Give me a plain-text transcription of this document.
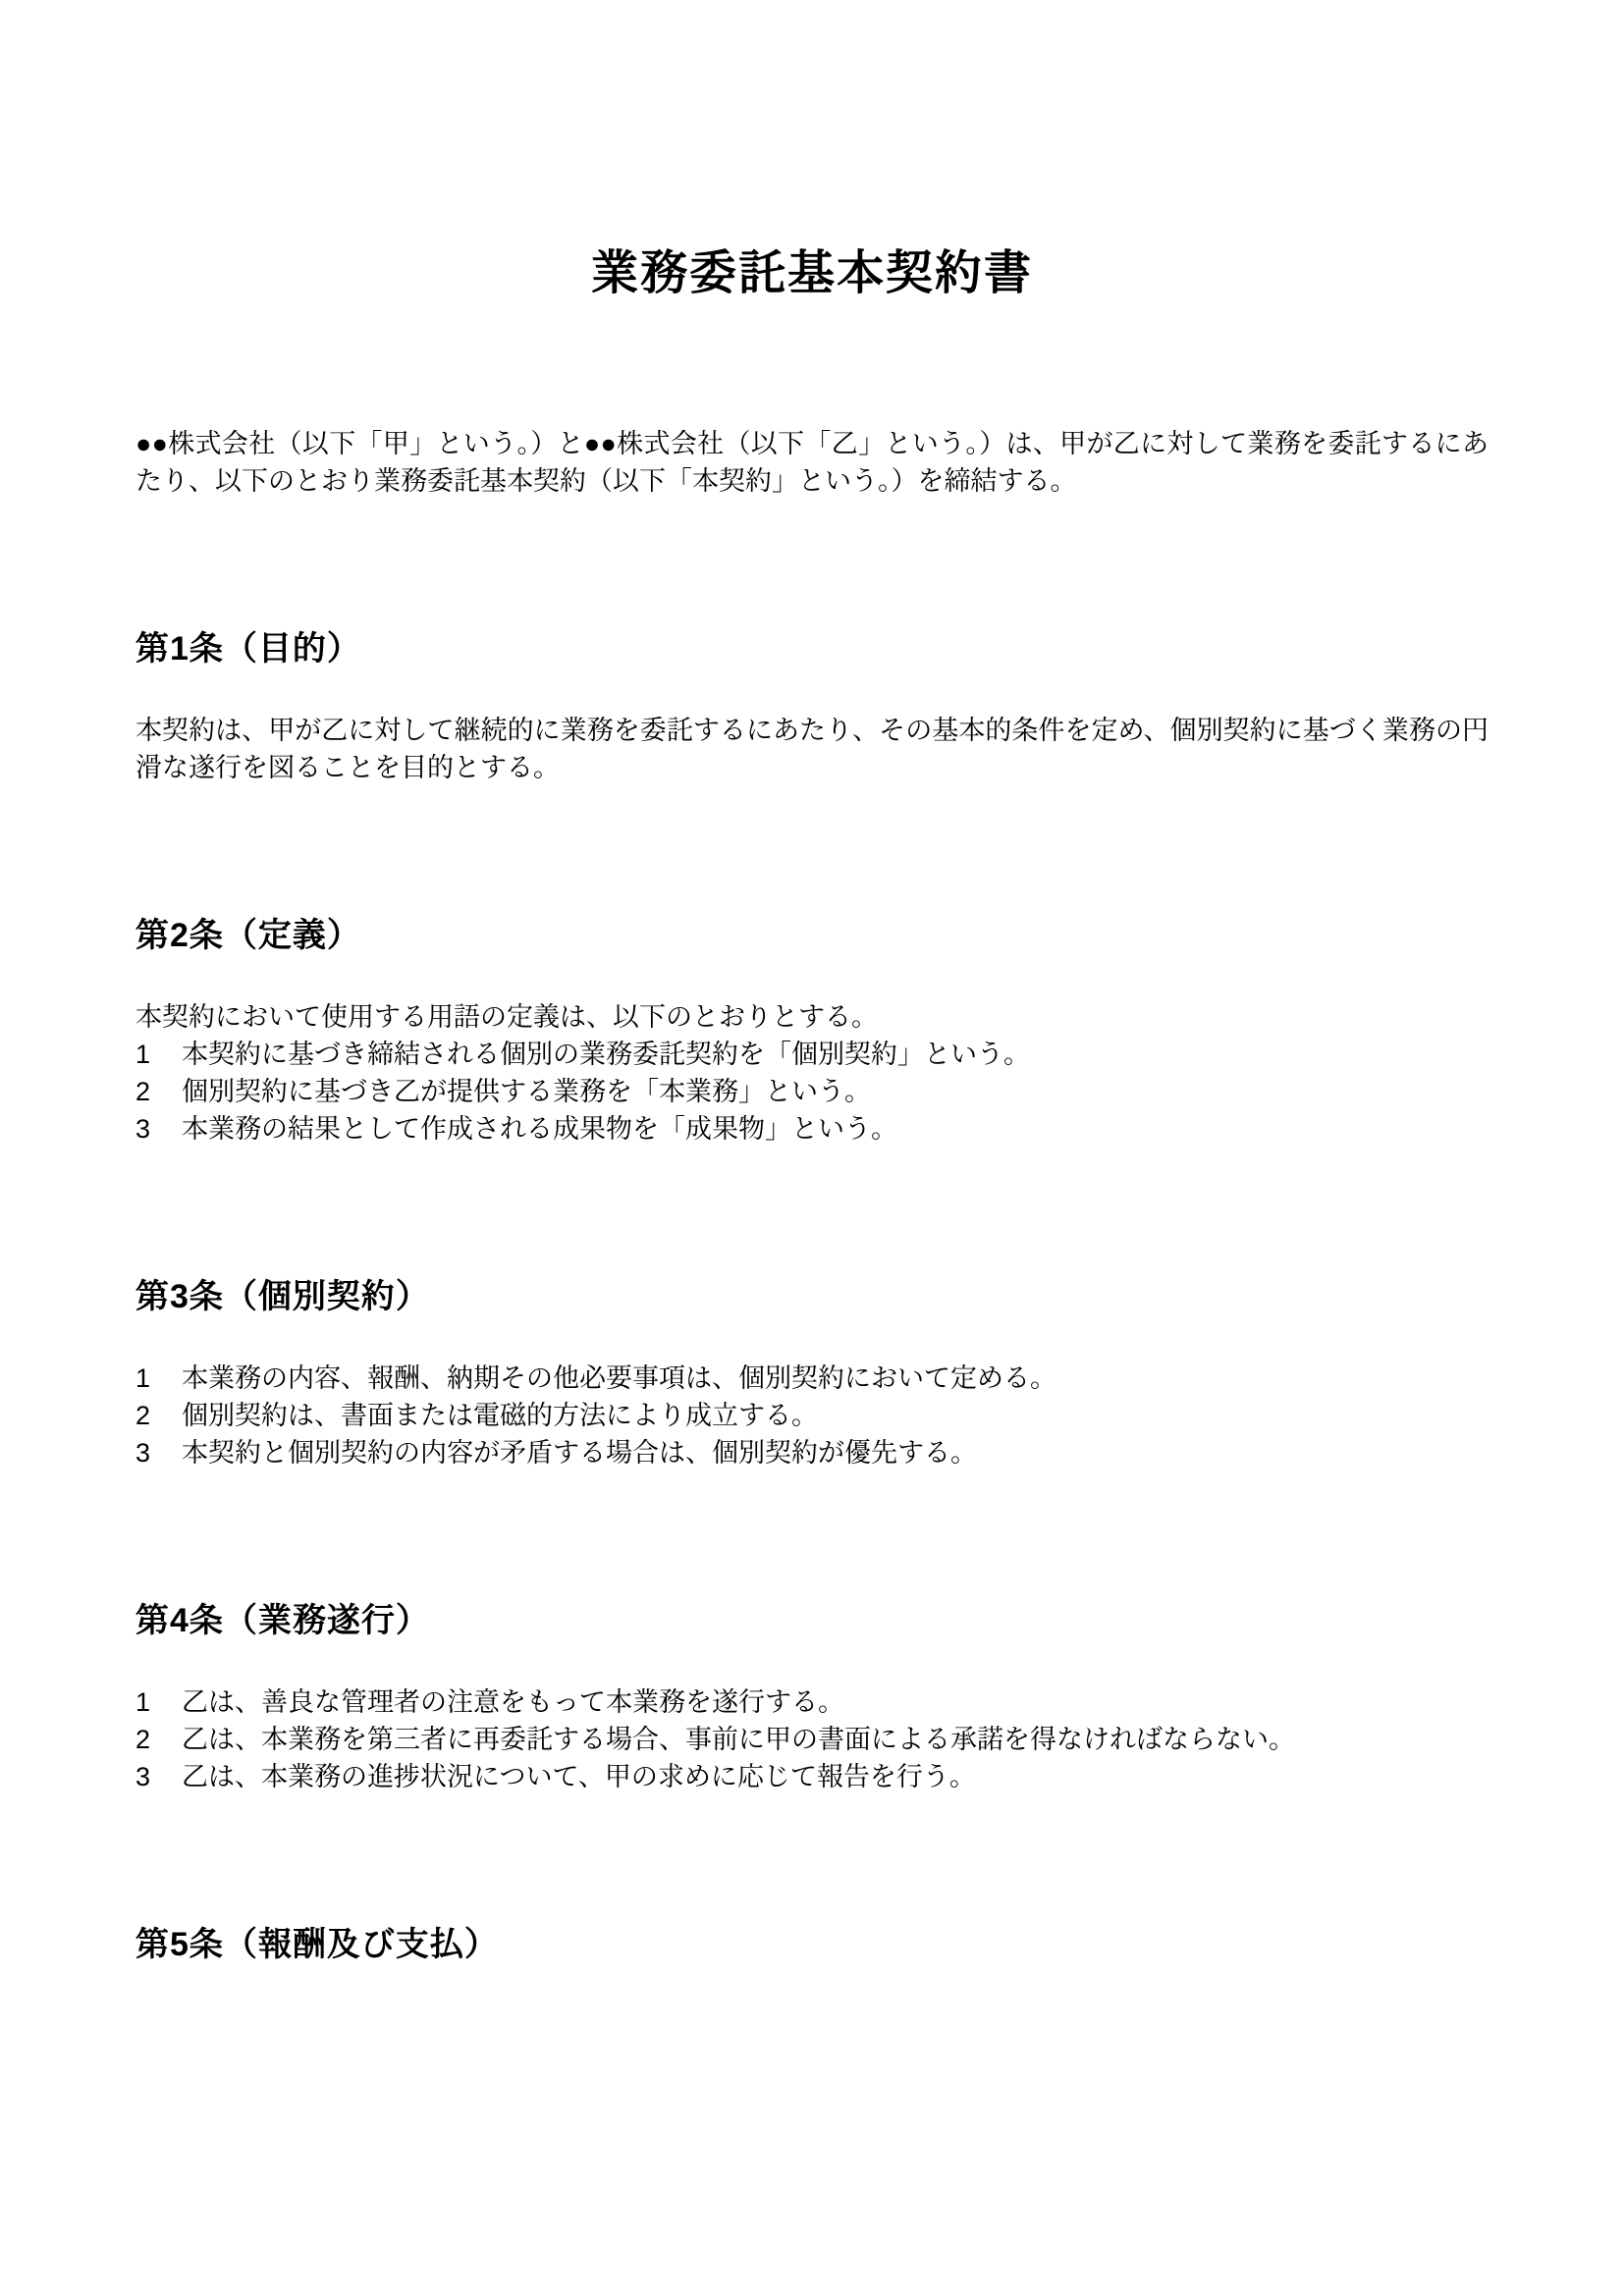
業務委託基本契約書

●●株式会社（以下「甲」という。）と●●株式会社（以下「乙」という。）は、甲が乙に対して業務を委託するにあたり、以下のとおり業務委託基本契約（以下「本契約」という。）を締結する。

第1条（目的）

本契約は、甲が乙に対して継続的に業務を委託するにあたり、その基本的条件を定め、個別契約に基づく業務の円滑な遂行を図ることを目的とする。

第2条（定義）

本契約において使用する用語の定義は、以下のとおりとする。

1	本契約に基づき締結される個別の業務委託契約を「個別契約」という。
2	個別契約に基づき乙が提供する業務を「本業務」という。
3	本業務の結果として作成される成果物を「成果物」という。
第3条（個別契約）
1	本業務の内容、報酬、納期その他必要事項は、個別契約において定める。
2	個別契約は、書面または電磁的方法により成立する。
3	本契約と個別契約の内容が矛盾する場合は、個別契約が優先する。
第4条（業務遂行）
1	乙は、善良な管理者の注意をもって本業務を遂行する。
2	乙は、本業務を第三者に再委託する場合、事前に甲の書面による承諾を得なければならない。
3	乙は、本業務の進捗状況について、甲の求めに応じて報告を行う。
第5条（報酬及び支払）
